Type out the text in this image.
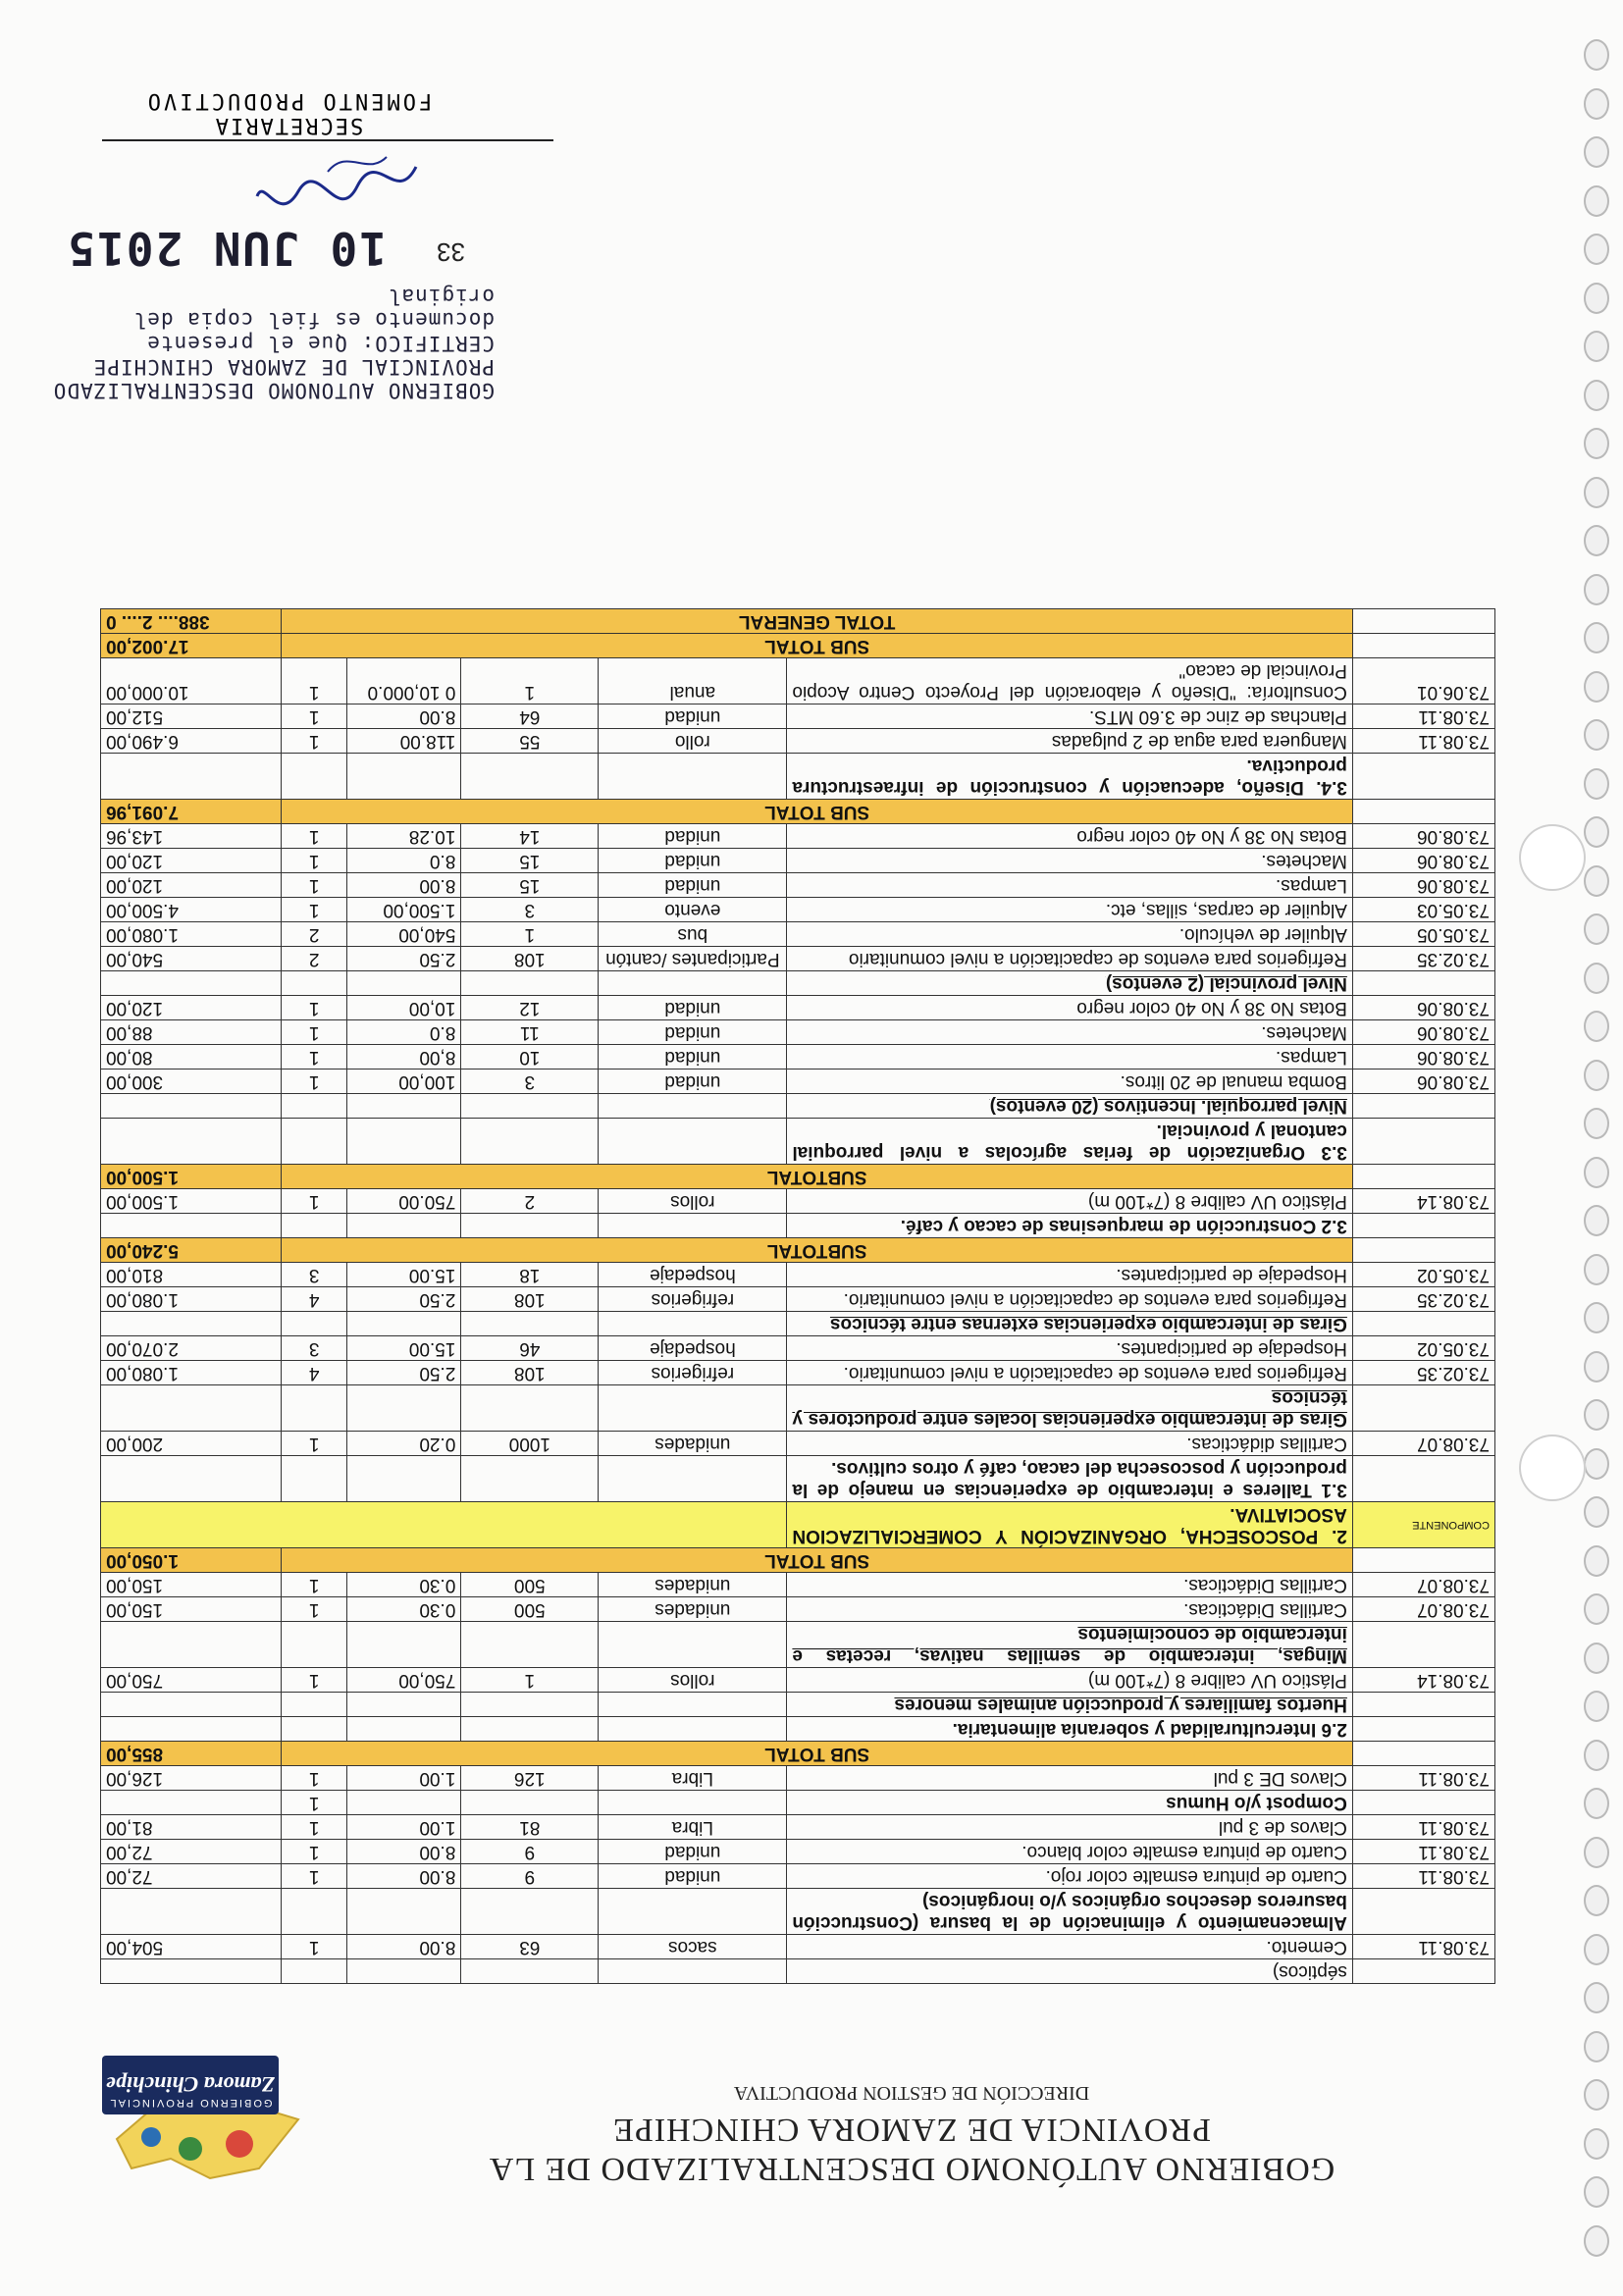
GOBIERNO AUTÓNOMO DESCENTRALIZADO DE LA
PROVINCIA DE ZAMORA CHINCHIPE
DIRECCIÓN DE GESTION PRODUCTIVA
GOBIERNO PROVINCIAL
Zamora Chinchipe
	sépticos)					
73.08.11	Cemento.	sacos	63	8.00	1	504,00
	Almacenamiento y eliminación de la basura (Construcción basureros desechos orgánicos y/o inorgánicos)					
73.08.11	Cuarto de pintura esmalte color rojo.	unidad	9	8.00	1	72,00
73.08.11	Cuarto de pintura esmalte color blanco.	unidad	9	8.00	1	72,00
73.08.11	Clavos de 3 pul	Libra	81	1.00	1	81,00
	Compost y/o Humus				1	
73.08.11	Clavos DE 3 pul	Libra	126	1.00	1	126,00
	SUB TOTAL					855,00
	2.6 Interculturalidad y soberanía alimentaria.					
	Huertos familiares y producción animales menores					
73.08.14	Plástico UV calibre 8 (7*100 m)	rollos	1	750,00	1	750,00
	Mingas, intercambio de semillas nativas, recetas e intercambio de conocimientos					
73.08.07	Cartillas Didácticas.	unidades	500	0.30	1	150,00
73.08.07	Cartillas Didácticas.	unidades	500	0.30	1	150,00
	SUB TOTAL					1.050,00
COMPONENTE	2. POSCOSECHA, ORGANIZACIÓN Y COMERCIALIZACION ASOCIATIVA.					
	3.1 Talleres e intercambio de experiencias en manejo de la producción y poscosecha del cacao, café y otros cultivos.					
73.08.07	Cartillas didácticas.	unidades	1000	0.20	1	200,00
	Giras de intercambio experiencias locales entre productores y técnicos					
73.02.35	Refrigerios para eventos de capacitación a nivel comunitario.	refrigerios	108	2.50	4	1.080,00
73.05.02	Hospedaje de participantes.	hospedaje	46	15.00	3	2.070,00
	Giras de intercambio experiencias externas entre técnicos					
73.02.35	Refrigerios para eventos de capacitación a nivel comunitario.	refrigerios	108	2.50	4	1.080,00
73.05.02	Hospedaje de participantes.	hospedaje	18	15.00	3	810,00
	SUBTOTAL					5.240,00
	3.2 Construcción de marquesinas de cacao y café.					
73.08.14	Plástico UV calibre 8 (7*100 m)	rollos	2	750.00	1	1.500,00
	SUBTOTAL					1.500,00
	3.3 Organización de ferias agrícolas a nivel parroquial cantonal y provincial.					
	Nivel parroquial. Incentivos (20 eventos)					
73.08.06	Bomba manual de 20 litros.	unidad	3	100,00	1	300,00
73.08.06	Lampas.	unidad	10	8,00	1	80,00
73.08.06	Machetes.	unidad	11	8.0	1	88,00
73.08.06	Botas No 38 y No 40 color negro	unidad	12	10,00	1	120,00
	Nivel provincial (2 eventos)					
73.02.35	Refrigerios para eventos de capacitación a nivel comunitario	Participantes /cantón	108	2.50	2	540,00
73.05.05	Alquiler de vehículo.	bus	1	540,00	2	1.080,00
73.05.03	Alquiler de carpas, sillas, etc.	evento	3	1.500,00	1	4.500,00
73.08.06	Lampas.	unidad	15	8.00	1	120,00
73.08.06	Machetes.	unidad	15	8.0	1	120,00
73.08.06	Botas No 38 y No 40 color negro	unidad	14	10.28	1	143,96
	SUB TOTAL					7.091,96
	3.4. Diseño, adecuación y construcción de infraestructura productiva.					
73.08.11	Manguera para agua de 2 pulgadas	rollo	55	118.00	1	6.490,00
73.08.11	Planchas de zinc de 3.60 MTS.	unidad	64	8.00	1	512,00
73.06.01	Consultoría: "Diseño y elaboración del Proyecto Centro Acopio Provincial de cacao"	anual	1	0 10,000.0	1	10.000,00
	SUB TOTAL					17.002,00
	TOTAL GENERAL					388.... 2.... 0
GOBIERNO AUTONOMO DESCENTRALIZADO
PROVINCIAL DE ZAMORA CHINCHIPE
CERTIFICO: Que el presente
documento es fiel copia del
original
10 JUN 2015 33
SECRETARIA
FOMENTO PRODUCTIVO
